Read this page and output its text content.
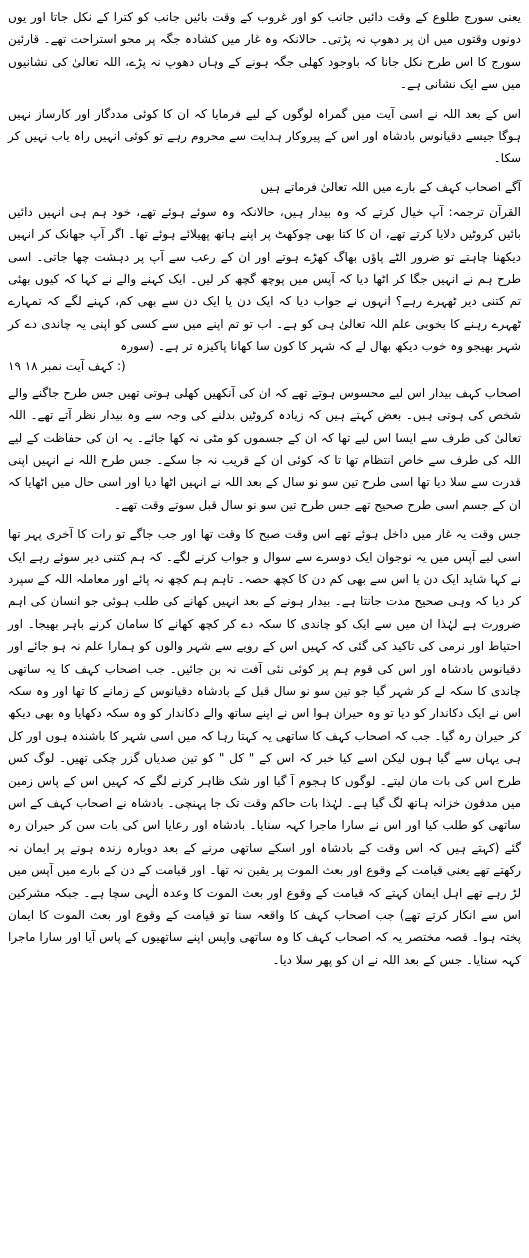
یعنی سورج طلوع کے وقت دائیں جانب کو اور غروب کے وقت بائیں جانب کو کترا کے نکل جاتا اور یوں دونوں وقتوں میں ان پر دھوپ نہ پڑتی۔ حالانکہ وہ غار میں کشادہ جگہ پر محو استراحت تھے۔ قارئین سورج کا اس طرح نکل جانا کہ باوجود کھلی جگہ ہونے کے وہاں دھوپ نہ پڑے، اللہ تعالیٰ کی نشانیوں میں سے ایک نشانی ہے۔

اس کے بعد اللہ نے اسی آیت میں گمراہ لوگوں کے لیے فرمایا کہ ان کا کوئی مددگار اور کارساز نہیں ہوگا جیسے دقیانوس بادشاہ اور اس کے پیروکار ہدایت سے محروم رہے تو کوئی انہیں راہ یاب نہیں کر سکا۔

آگے اصحاب کہف کے بارے میں اللہ تعالیٰ فرماتے ہیں

القرآن ترجمہ: آپ خیال کرتے کہ وہ بیدار ہیں، حالانکہ وہ سوئے ہوئے تھے، خود ہم ہی انہیں دائیں بائیں کروٹیں دلایا کرتے تھے، ان کا کتا بھی چوکھٹ پر اپنے ہاتھ پھیلائے ہوئے تھا۔ اگر آپ جھانک کر انہیں دیکھنا چاہتے تو ضرور الٹے پاؤں بھاگ کھڑے ہوتے اور ان کے رعب سے آپ پر دہشت چھا جاتی۔ اسی طرح ہم نے انہیں جگا کر اٹھا دیا کہ آپس میں پوچھ گچھ کر لیں۔ ایک کہنے والے نے کہا کہ کیوں بھئی تم کتنی دیر ٹھہرے رہے؟ انہوں نے جواب دیا کہ ایک دن یا ایک دن سے بھی کم، کہنے لگے کہ تمہارے ٹھہرے رہنے کا بخوبی علم اللہ تعالیٰ ہی کو ہے۔ اب تو تم اپنے میں سے کسی کو اپنی یہ چاندی دے کر شہر بھیجو وہ خوب دیکھ بھال لے کہ شہر کا کون سا کھانا پاکیزہ تر ہے۔ (سورہ

کہف آیت نمبر ۱۸ ۱۹ :)

اصحاب کہف بیدار اس لیے محسوس ہوتے تھے کہ ان کی آنکھیں کھلی ہوتی تھیں جس طرح جاگنے والے شخص کی ہوتی ہیں۔ بعض کہتے ہیں کہ زیادہ کروٹیں بدلنے کی وجہ سے وہ بیدار نظر آتے تھے۔ اللہ تعالیٰ کی طرف سے ایسا اس لیے تھا کہ ان کے جسموں کو مٹی نہ کھا جائے۔ یہ ان کی حفاظت کے لیے اللہ کی طرف سے خاص انتظام تھا تا کہ کوئی ان کے قریب نہ جا سکے۔ جس طرح اللہ نے انہیں اپنی قدرت سے سلا دیا تھا اسی طرح تین سو نو سال کے بعد اللہ نے انہیں اٹھا دیا اور اسی حال میں اٹھایا کہ ان کے جسم اسی طرح صحیح تھے جس طرح تین سو نو سال قبل سوتے وقت تھے۔

جس وقت یہ غار میں داخل ہوئے تھے اس وقت صبح کا وقت تھا اور جب جاگے تو رات کا آخری پہر تھا اسی لیے آپس میں یہ نوجوان ایک دوسرے سے سوال و جواب کرنے لگے۔ کہ ہم کتنی دیر سوئے رہے ایک نے کہا شاید ایک دن یا اس سے بھی کم دن کا کچھ حصہ۔ تاہم ہم کچھ نہ پائے اور معاملہ اللہ کے سپرد کر دیا کہ وہی صحیح مدت جانتا ہے۔ بیدار ہونے کے بعد انہیں کھانے کی طلب ہوئی جو انسان کی اہم ضرورت ہے لہٰذا ان میں سے ایک کو چاندی کا سکہ دے کر کچھ کھانے کا سامان کرنے باہر بھیجا۔ اور احتیاط اور نرمی کی تاکید کی گئی کہ کہیں اس کے رویے سے شہر والوں کو ہمارا علم نہ ہو جائے اور دقیانوس بادشاہ اور اس کی قوم ہم پر کوئی نئی آفت نہ بن جائیں۔ جب اصحاب کہف کا یہ ساتھی چاندی کا سکہ لے کر شہر گیا جو تین سو نو سال قبل کے بادشاہ دقیانوس کے زمانے کا تھا اور وہ سکہ اس نے ایک دکاندار کو دیا تو وہ حیران ہوا اس نے اپنے ساتھ والے دکاندار کو وہ سکہ دکھایا وہ بھی دیکھ کر حیران رہ گیا۔ جب کہ اصحاب کہف کا ساتھی یہ کہتا رہا کہ میں اسی شہر کا باشندہ ہوں اور کل ہی یہاں سے گیا ہوں لیکن اسے کیا خبر کہ اس کے " کل " کو تین صدیاں گزر چکی تھیں۔ لوگ کس طرح اس کی بات مان لیتے۔ لوگوں کا ہجوم آ گیا اور شک ظاہر کرنے لگے کہ کہیں اس کے پاس زمین میں مدفون خزانہ ہاتھ لگ گیا ہے۔ لہٰذا بات حاکم وقت تک جا پہنچی۔ بادشاہ نے اصحاب کہف کے اس ساتھی کو طلب کیا اور اس نے سارا ماجرا کہہ سنایا۔ بادشاہ اور رعایا اس کی بات سن کر حیران رہ گئے (کہتے ہیں کہ اس وقت کے بادشاہ اور اسکے ساتھی مرنے کے بعد دوبارہ زندہ ہونے پر ایمان نہ رکھتے تھے یعنی قیامت کے وقوع اور بعث الموت پر یقین نہ تھا۔ اور قیامت کے دن کے بارے میں آپس میں لڑ رہے تھے اہل ایمان کہتے کہ قیامت کے وقوع اور بعث الموت کا وعدہ الٰہی سچا ہے۔ جبکہ مشرکین اس سے انکار کرتے تھے) جب اصحاب کہف کا واقعہ سنا تو قیامت کے وقوع اور بعث الموت کا ایمان پختہ ہوا۔ قصہ مختصر یہ کہ اصحاب کہف کا وہ ساتھی واپس اپنے ساتھیوں کے پاس آیا اور سارا ماجرا کہہ سنایا۔ جس کے بعد اللہ نے ان کو پھر سلا دیا۔
